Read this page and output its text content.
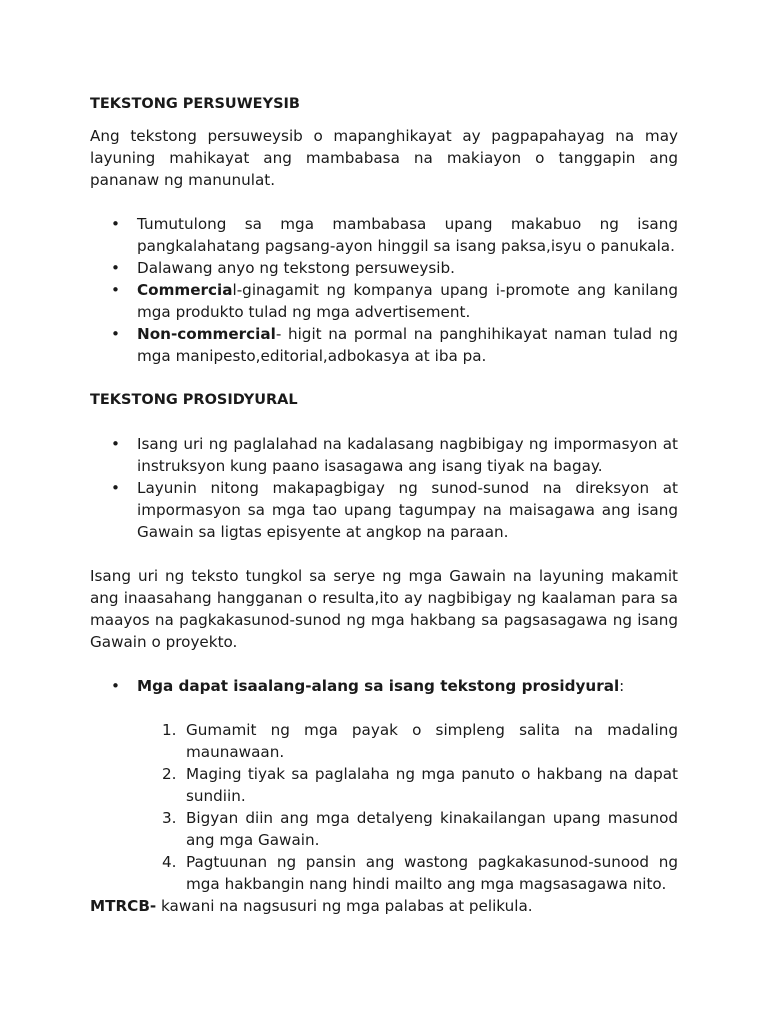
TEKSTONG PERSUWEYSIB

Ang tekstong persuweysib o mapanghikayat ay pagpapahayag na may layuning mahikayat ang mambabasa na makiayon o tanggapin ang pananaw ng manunulat.

• Tumutulong sa mga mambabasa upang makabuo ng isang pangkalahatang pagsang-ayon hinggil sa isang paksa,isyu o panukala.
• Dalawang anyo ng tekstong persuweysib.
• Commercial-ginagamit ng kompanya upang i-promote ang kanilang mga produkto tulad ng mga advertisement.
• Non-commercial- higit na pormal na panghihikayat naman tulad ng mga manipesto,editorial,adbokasya at iba pa.

TEKSTONG PROSIDYURAL

• Isang uri ng paglalahad na kadalasang nagbibigay ng impormasyon at instruksyon kung paano isasagawa ang isang tiyak na bagay.
• Layunin nitong makapagbigay ng sunod-sunod na direksyon at impormasyon sa mga tao upang tagumpay na maisagawa ang isang Gawain sa ligtas episyente at angkop na paraan.

Isang uri ng teksto tungkol sa serye ng mga Gawain na layuning makamit ang inaasahang hangganan o resulta,ito ay nagbibigay ng kaalaman para sa maayos na pagkakasunod-sunod ng mga hakbang sa pagsasagawa ng isang Gawain o proyekto.

• Mga dapat isaalang-alang sa isang tekstong prosidyural:
1. Gumamit ng mga payak o simpleng salita na madaling maunawaan.
2. Maging tiyak sa paglalaha ng mga panuto o hakbang na dapat sundiin.
3. Bigyan diin ang mga detalyeng kinakailangan upang masunod ang mga Gawain.
4. Pagtuunan ng pansin ang wastong pagkakasunod-sunood ng mga hakbangin nang hindi mailto ang mga magsasagawa nito.

MTRCB- kawani na nagsusuri ng mga palabas at pelikula.
